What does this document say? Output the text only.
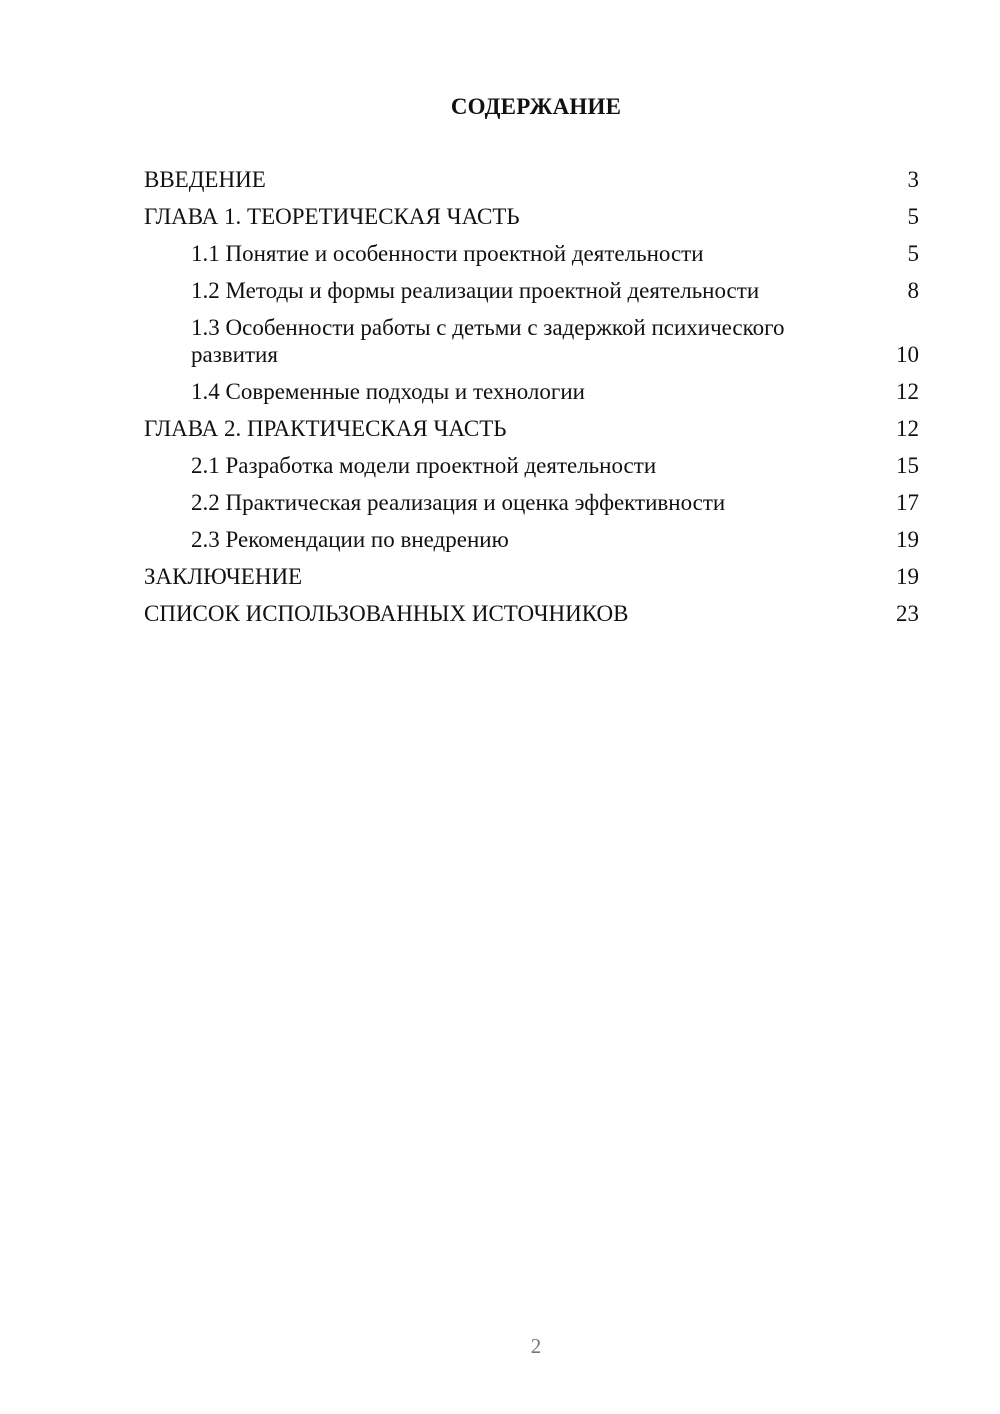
СОДЕРЖАНИЕ
ВВЕДЕНИЕ	3
ГЛАВА 1. ТЕОРЕТИЧЕСКАЯ ЧАСТЬ	5
1.1 Понятие и особенности проектной деятельности	5
1.2 Методы и формы реализации проектной деятельности	8
1.3 Особенности работы с детьми с задержкой психического развития	10
1.4 Современные подходы и технологии	12
ГЛАВА 2. ПРАКТИЧЕСКАЯ ЧАСТЬ	12
2.1 Разработка модели проектной деятельности	15
2.2 Практическая реализация и оценка эффективности	17
2.3 Рекомендации по внедрению	19
ЗАКЛЮЧЕНИЕ	19
СПИСОК ИСПОЛЬЗОВАННЫХ ИСТОЧНИКОВ	23
2
